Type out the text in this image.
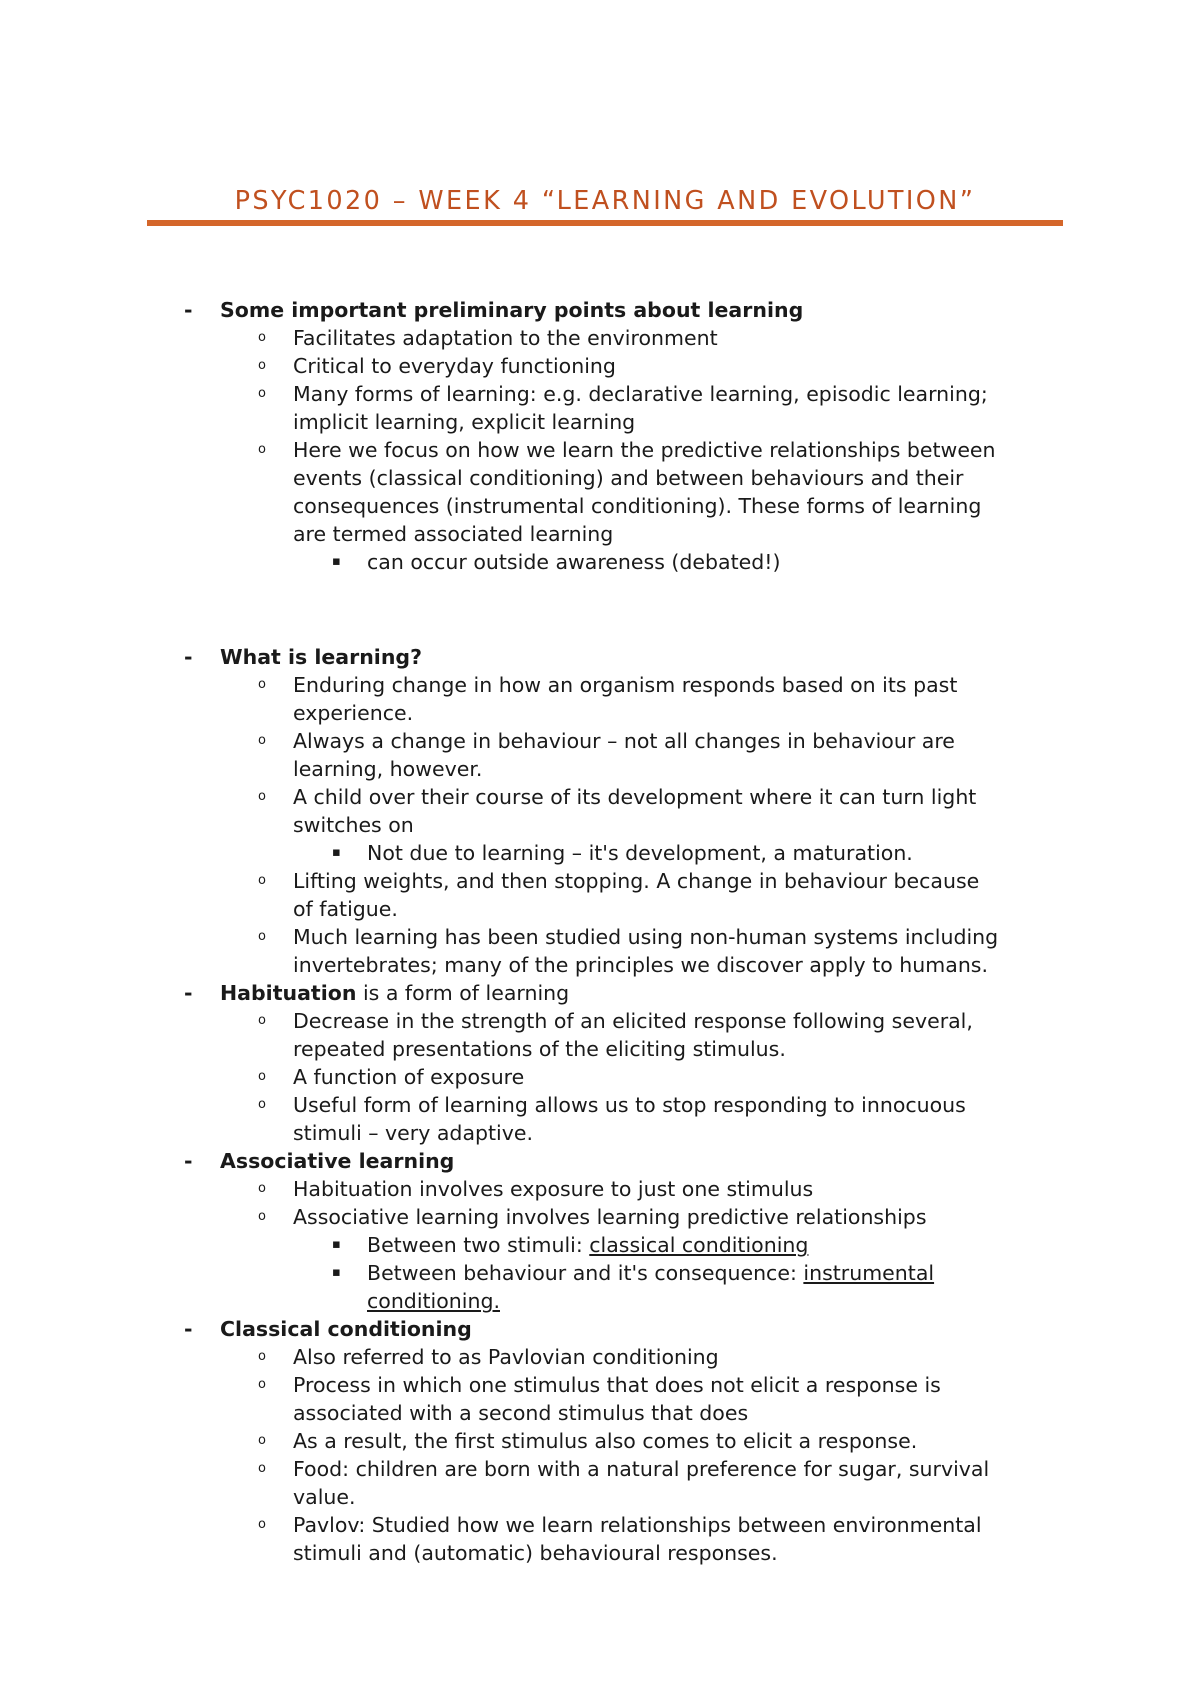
PSYC1020 – WEEK 4 “LEARNING AND EVOLUTION”
- Some important preliminary points about learning
o Facilitates adaptation to the environment
o Critical to everyday functioning
o Many forms of learning: e.g. declarative learning, episodic learning;
implicit learning, explicit learning
o Here we focus on how we learn the predictive relationships between
events (classical conditioning) and between behaviours and their
consequences (instrumental conditioning). These forms of learning
are termed associated learning
▪ can occur outside awareness (debated!)
- What is learning?
o Enduring change in how an organism responds based on its past
experience.
o Always a change in behaviour – not all changes in behaviour are
learning, however.
o A child over their course of its development where it can turn light
switches on
▪ Not due to learning – it's development, a maturation.
o Lifting weights, and then stopping. A change in behaviour because
of fatigue.
o Much learning has been studied using non-human systems including
invertebrates; many of the principles we discover apply to humans.
- Habituation is a form of learning
o Decrease in the strength of an elicited response following several,
repeated presentations of the eliciting stimulus.
o A function of exposure
o Useful form of learning allows us to stop responding to innocuous
stimuli – very adaptive.
- Associative learning
o Habituation involves exposure to just one stimulus
o Associative learning involves learning predictive relationships
▪ Between two stimuli: classical conditioning
▪ Between behaviour and it's consequence: instrumental
conditioning.
- Classical conditioning
o Also referred to as Pavlovian conditioning
o Process in which one stimulus that does not elicit a response is
associated with a second stimulus that does
o As a result, the first stimulus also comes to elicit a response.
o Food: children are born with a natural preference for sugar, survival
value.
o Pavlov: Studied how we learn relationships between environmental
stimuli and (automatic) behavioural responses.
